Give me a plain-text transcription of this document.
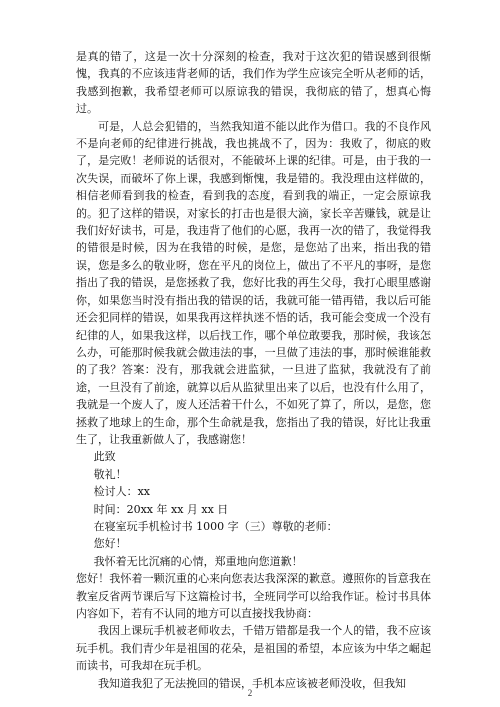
是真的错了，这是一次十分深刻的检查，我对于这次犯的错误感到很惭愧，我真的不应该违背老师的话，我们作为学生应该完全听从老师的话，我感到抱歉，我希望老师可以原谅我的错误，我彻底的错了，想真心悔过。

可是，人总会犯错的，当然我知道不能以此作为借口。我的不良作风不是向老师的纪律进行挑战，我也挑战不了，因为：我败了，彻底的败了，是完败！老师说的话很对，不能破坏上课的纪律。可是，由于我的一次失误，而破坏了你上课，我感到惭愧，我是错的。我没理由这样做的，相信老师看到我的检查，看到我的态度，看到我的端正，一定会原谅我的。犯了这样的错误，对家长的打击也是很大滴，家长辛苦赚钱，就是让我们好好读书，可是，我违背了他们的心愿，我再一次的错了，我觉得我的错很是时候，因为在我错的时候，是您，是您站了出来，指出我的错误，您是多么的敬业呀，您在平凡的岗位上，做出了不平凡的事呀，是您指出了我的错误，是您拯救了我，您好比我的再生父母，我打心眼里感谢你，如果您当时没有指出我的错误的话，我就可能一错再错，我以后可能还会犯同样的错误，如果我再这样执迷不悟的话，我可能会变成一个没有纪律的人，如果我这样，以后找工作，哪个单位敢要我，那时候，我该怎么办，可能那时候我就会做违法的事，一旦做了违法的事，那时候谁能救的了我？答案：没有，那我就会进监狱，一旦进了监狱，我就没有了前途，一旦没有了前途，就算以后从监狱里出来了以后，也没有什么用了，我就是一个废人了，废人还活着干什么，不如死了算了，所以，是您，您拯救了地球上的生命，那个生命就是我，您指出了我的错误，好比让我重生了，让我重新做人了，我感谢您！

此致

敬礼！

检讨人：xx

时间：20xx 年 xx 月 xx 日

在寝室玩手机检讨书 1000 字（三）尊敬的老师：

您好！

我怀着无比沉痛的心情，郑重地向您道歉！

您好！我怀着一颗沉重的心来向您表达我深深的歉意。遵照你的旨意我在教室反省两节课后写下这篇检讨书，全班同学可以给我作证。检讨书具体内容如下，若有不认同的地方可以直接找我协商：

我因上课玩手机被老师收去，千错万错都是我一个人的错，我不应该玩手机。我们青少年是祖国的花朵，是祖国的希望，本应该为中华之崛起而读书，可我却在玩手机。

我知道我犯了无法挽回的错误，手机本应该被老师没收，但我知

2
